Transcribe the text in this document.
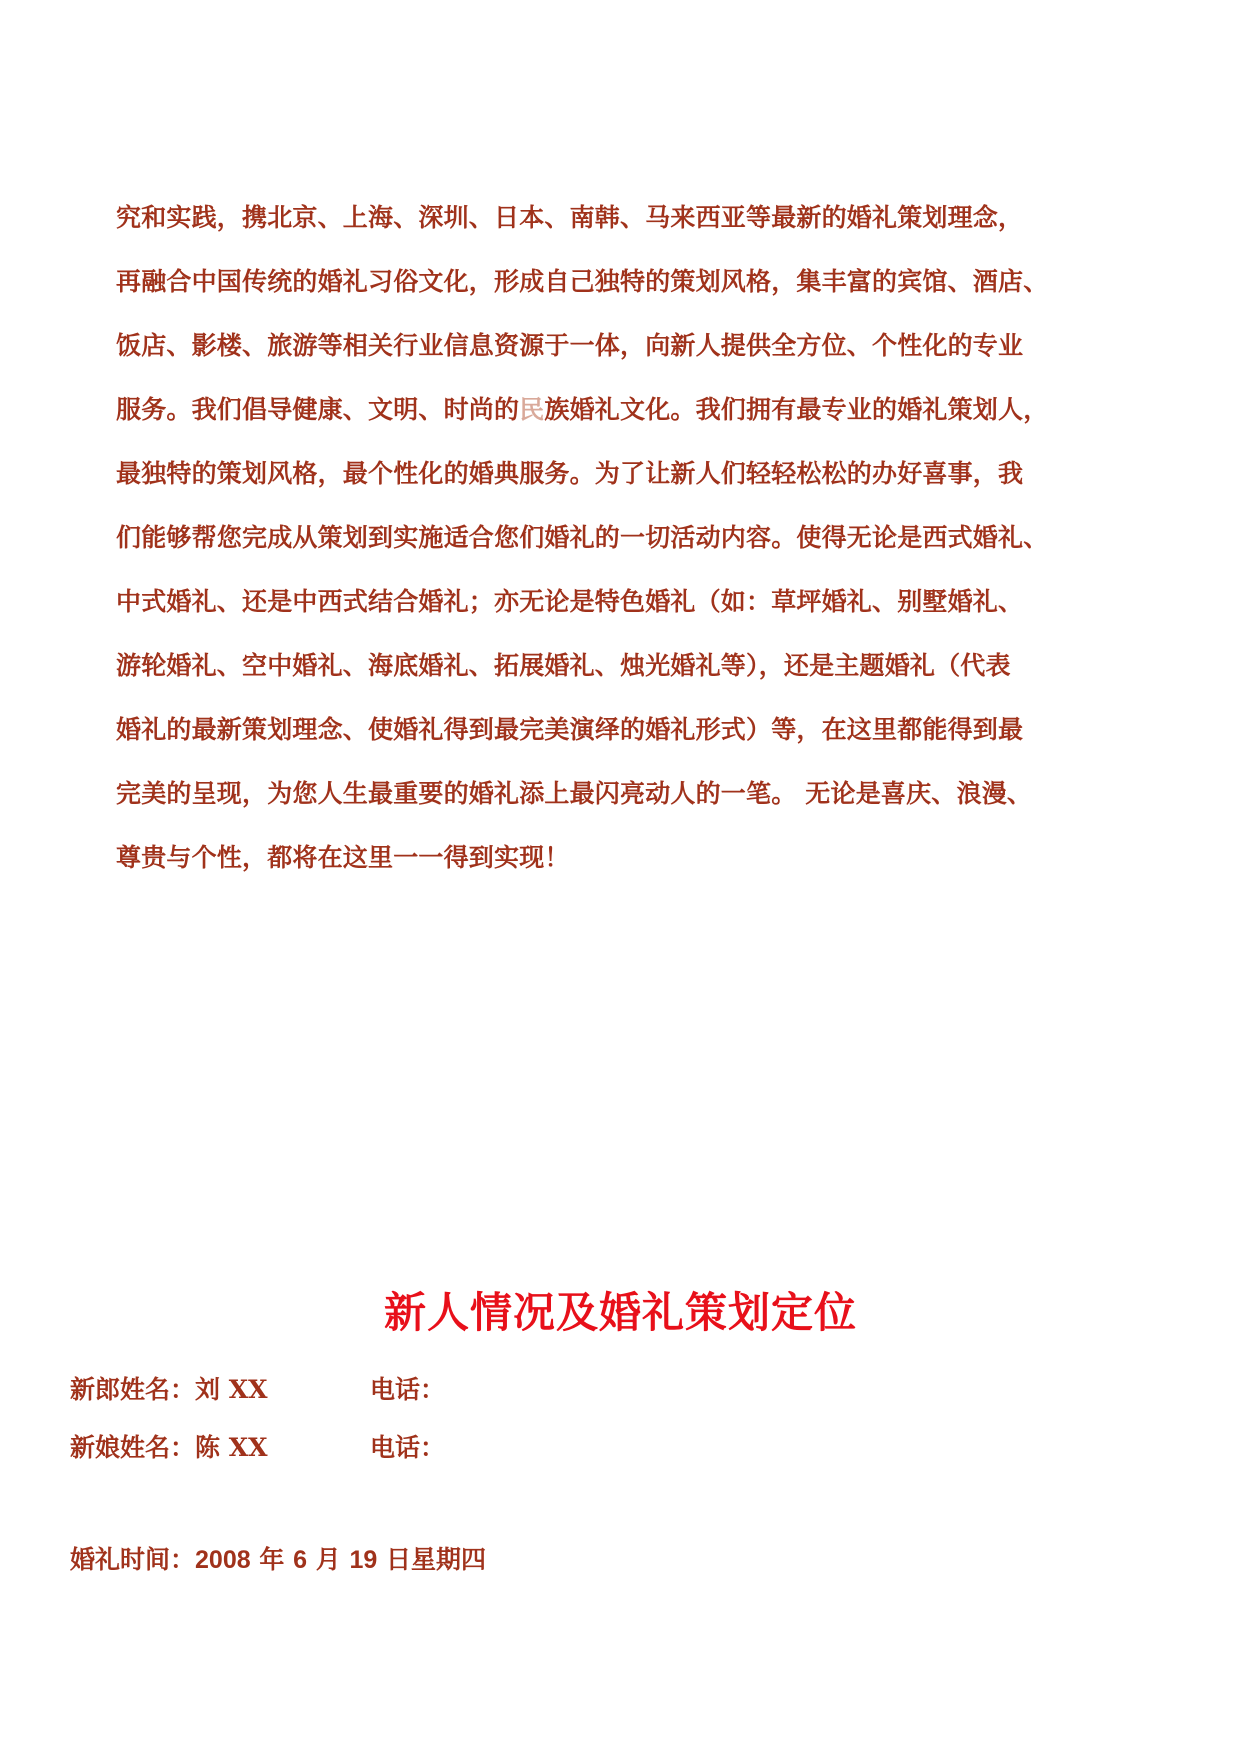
究和实践，携北京、上海、深圳、日本、南韩、马来西亚等最新的婚礼策划理念，
再融合中国传统的婚礼习俗文化，形成自己独特的策划风格，集丰富的宾馆、酒店、
饭店、影楼、旅游等相关行业信息资源于一体，向新人提供全方位、个性化的专业
服务。我们倡导健康、文明、时尚的民族婚礼文化。我们拥有最专业的婚礼策划人，
最独特的策划风格，最个性化的婚典服务。为了让新人们轻轻松松的办好喜事，我
们能够帮您完成从策划到实施适合您们婚礼的一切活动内容。使得无论是西式婚礼、
中式婚礼、还是中西式结合婚礼；亦无论是特色婚礼（如：草坪婚礼、别墅婚礼、
游轮婚礼、空中婚礼、海底婚礼、拓展婚礼、烛光婚礼等），还是主题婚礼（代表
婚礼的最新策划理念、使婚礼得到最完美演绎的婚礼形式）等，在这里都能得到最
完美的呈现，为您人生最重要的婚礼添上最闪亮动人的一笔。 无论是喜庆、浪漫、
尊贵与个性，都将在这里一一得到实现！
新人情况及婚礼策划定位
新郎姓名：刘 XX	电话：
新娘姓名：陈 XX	电话：
婚礼时间：2008 年 6 月 19 日星期四
